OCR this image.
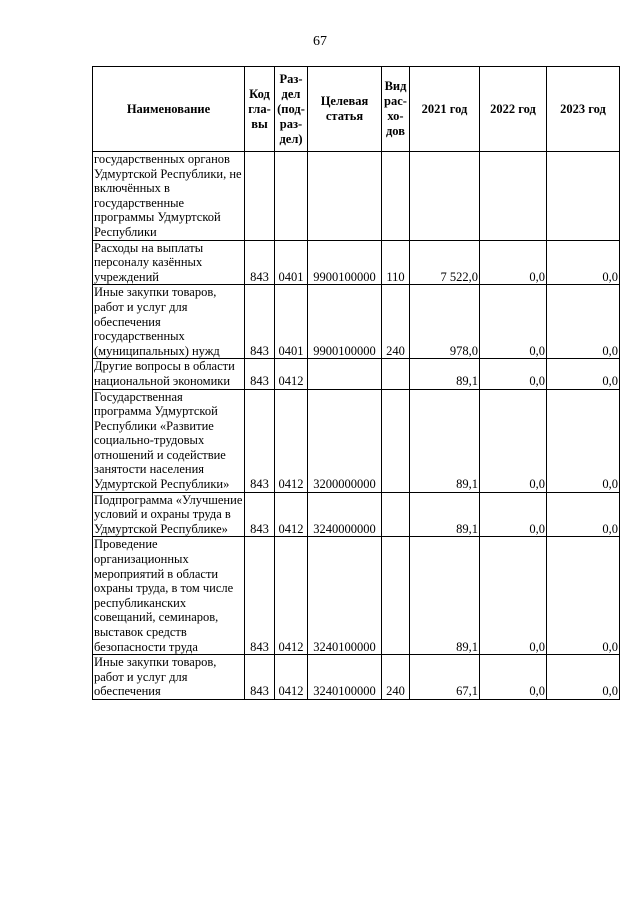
67
Наименование	Код
гла-
вы	Раз-
дел
(под-
раз-
дел)	Целевая статья	Вид
рас-
хо-
дов	2021 год	2022 год	2023 год
государственных органов Удмуртской Республики, не включённых в государственные программы Удмуртской Республики							
Расходы на выплаты персоналу казённых учреждений	843	0401	9900100000	110	7 522,0	0,0	0,0
Иные закупки товаров, работ и услуг для обеспечения государственных (муниципальных) нужд	843	0401	9900100000	240	978,0	0,0	0,0
Другие вопросы в области национальной экономики	843	0412			89,1	0,0	0,0
Государственная программа Удмуртской Республики «Развитие социально-трудовых отношений и содействие занятости населения Удмуртской Республики»	843	0412	3200000000		89,1	0,0	0,0
Подпрограмма «Улучшение условий и охраны труда в Удмуртской Республике»	843	0412	3240000000		89,1	0,0	0,0
Проведение организационных мероприятий в области охраны труда, в том числе республиканских совещаний, семинаров, выставок средств безопасности труда	843	0412	3240100000		89,1	0,0	0,0
Иные закупки товаров, работ и услуг для обеспечения	843	0412	3240100000	240	67,1	0,0	0,0
